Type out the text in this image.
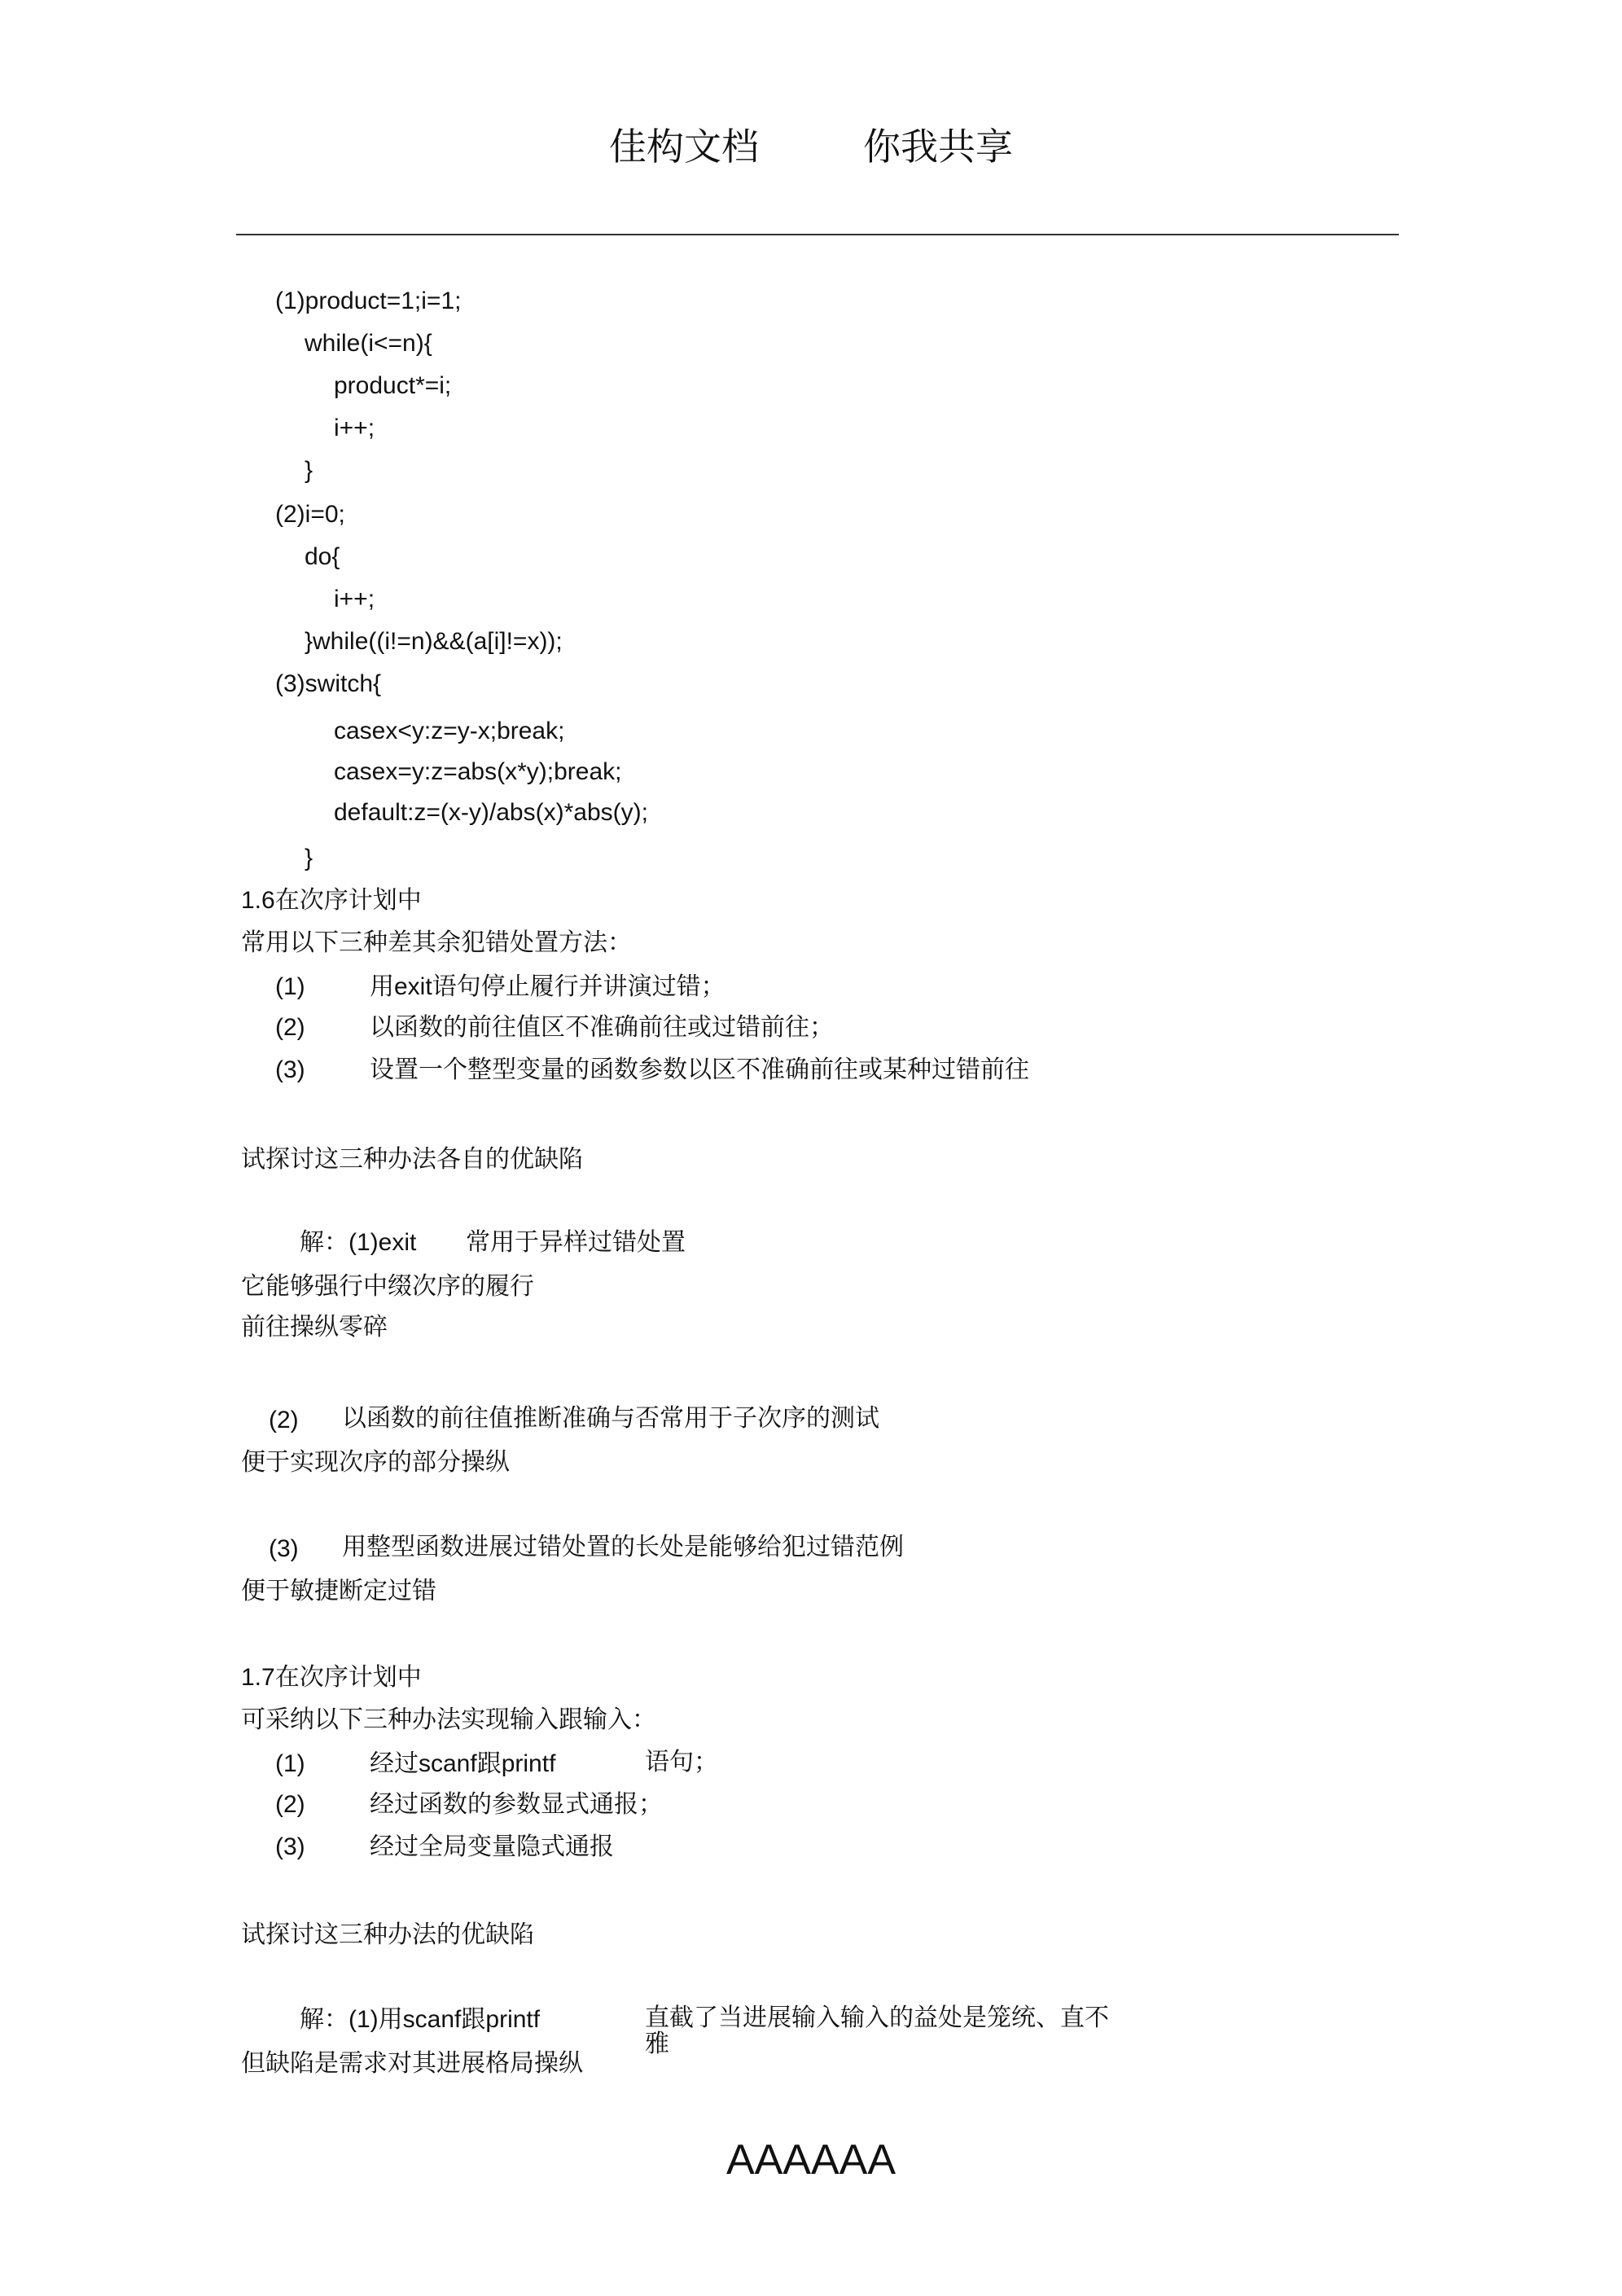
佳构文档	你我共享
(1)product=1;i=1;
while(i<=n){
product*=i;
i++;
}
(2)i=0;
do{
i++;
}while((i!=n)&&(a[i]!=x));
(3)switch{
casex<y:z=y-x;break;
casex=y:z=abs(x*y);break;
default:z=(x-y)/abs(x)*abs(y);
}
1.6在次序计划中
常用以下三种差其余犯错处置方法：
(1)	用exit语句停止履行并讲演过错；
(2)	以函数的前往值区不准确前往或过错前往；
(3)	设置一个整型变量的函数参数以区不准确前往或某种过错前往
试探讨这三种办法各自的优缺陷
解：(1)exit 常用于异样过错处置
它能够强行中缀次序的履行
前往操纵零碎
(2) 以函数的前往值推断准确与否常用于子次序的测试
便于实现次序的部分操纵
(3) 用整型函数进展过错处置的长处是能够给犯过错范例
便于敏捷断定过错
1.7在次序计划中
可采纳以下三种办法实现输入跟输入：
(1)	经过scanf跟printf	语句；
(2)	经过函数的参数显式通报；
(3)	经过全局变量隐式通报
试探讨这三种办法的优缺陷
解：(1)用scanf跟printf	直截了当进展输入输入的益处是笼统、直不
雅
但缺陷是需求对其进展格局操纵
AAAAAA
